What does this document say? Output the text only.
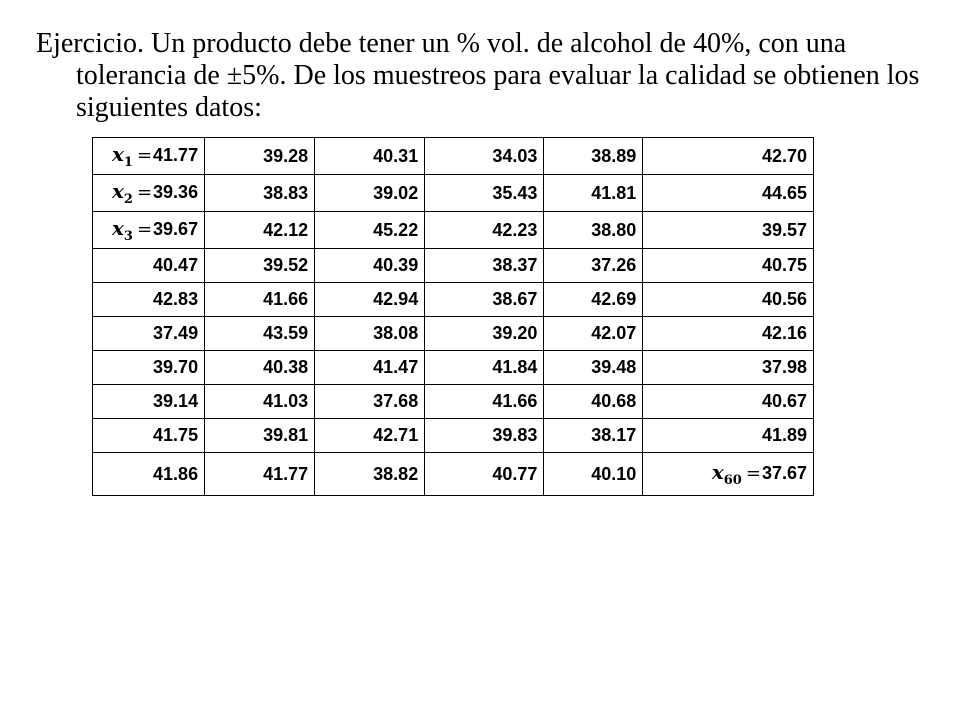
Ejercicio. Un producto debe tener un % vol. de alcohol de 40%, con una tolerancia de ±5%. De los muestreos para evaluar la calidad se obtienen los siguientes datos:

$x_1 =41.77$	39.28	40.31	34.03	38.89	42.70
$x_2 =39.36$	38.83	39.02	35.43	41.81	44.65
$x_3 =39.67$	42.12	45.22	42.23	38.80	39.57
40.47	39.52	40.39	38.37	37.26	40.75
42.83	41.66	42.94	38.67	42.69	40.56
37.49	43.59	38.08	39.20	42.07	42.16
39.70	40.38	41.47	41.84	39.48	37.98
39.14	41.03	37.68	41.66	40.68	40.67
41.75	39.81	42.71	39.83	38.17	41.89
41.86	41.77	38.82	40.77	40.10	$x_{60} =37.67$
